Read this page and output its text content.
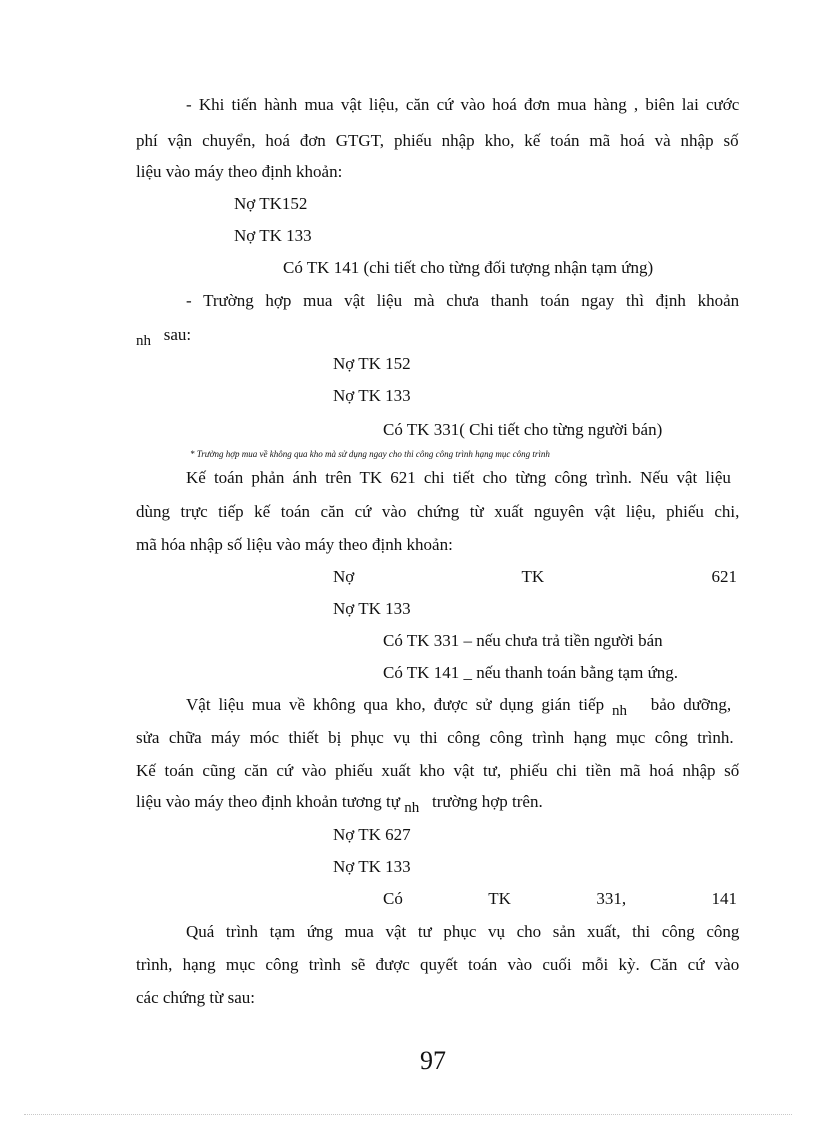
- Khi tiến hành mua vật liệu, căn cứ vào hoá đơn mua hàng , biên lai cước
phí vận chuyển, hoá đơn GTGT, phiếu nhập kho, kế toán mã hoá và nhập số
liệu vào máy theo định khoản:
Nợ TK152
Nợ TK 133
Có TK 141 (chi tiết cho từng đối tượng nhận tạm ứng)
- Trường hợp mua vật liệu mà chưa thanh toán ngay thì định khoản
nh sau:
Nợ TK 152
Nợ TK 133
Có TK 331( Chi tiết cho từng người bán)
* Trường hợp mua về không qua kho mà sử dụng ngay cho thi công công trình hạng mục công trình
Kế toán phản ánh trên TK 621 chi tiết cho từng công trình. Nếu vật liệu
dùng trực tiếp kế toán căn cứ vào chứng từ xuất nguyên vật liệu, phiếu chi,
mã hóa nhập số liệu vào máy theo định khoản:
Nợ	TK	621
Nợ TK 133
Có TK 331 – nếu chưa trả tiền người bán
Có TK 141 _ nếu thanh toán bằng tạm ứng.
Vật liệu mua về không qua kho, được sử dụng gián tiếp nh bảo dưỡng,
sửa chữa máy móc thiết bị phục vụ thi công công trình hạng mục công trình.
Kế toán cũng căn cứ vào phiếu xuất kho vật tư, phiếu chi tiền mã hoá nhập số
liệu vào máy theo định khoản tương tự nh trường hợp trên.
Nợ TK 627
Nợ TK 133
Có	TK	331,	141
Quá trình tạm ứng mua vật tư phục vụ cho sản xuất, thi công công
trình, hạng mục công trình sẽ được quyết toán vào cuối mỗi kỳ. Căn cứ vào
các chứng từ sau:
97
